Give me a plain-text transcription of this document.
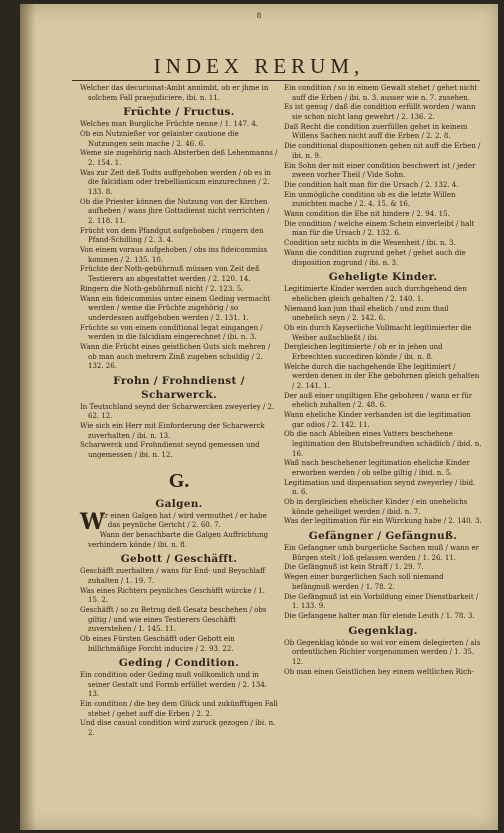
8
INDEX RERUM,
Welcher das decurionat-Ambt annimbt, ob er jhme in solchem Fall praejudiciere, ibi. n. 11.
Früchte / Fructus.
Welches man Burgliche Früchte nenne / 1. 147. 4.
Ob ein Nutznießer vor gelaister cautione die Nutzungen sein mache / 2. 46. 6.
Weme sie zugehörig nach Absterben deß Lehenmanns / 2. 154. 1.
Was zur Zeit deß Todts auffgehoben werden / ob es in die falcidiam oder trebellianicam einzurechnen / 2. 133. 8.
Ob die Priester können die Nutzung von der Kirchen aufheben / wans jhre Gottsdienst nicht verrichten / 2. 118. 11.
Frücht von dem Pfandgut aufgehoben / ringern den Pfand-Schilling / 2. 3. 4.
Von einem voraus aufgehoben / obs ins fideicommiss kommen / 2. 135. 10.
Früchte der Noth-gebührnuß müssen von Zeit deß Testierers an abgestattet werden / 2. 120. 14.
Ringern die Noth-gebührnuß nicht / 2. 123. 5.
Wann ein fideicommiss unter einem Geding vermacht werden / weme die Früchte zugehörig / so underdessen auffgehoben werden / 2. 131. 1.
Früchte so von einem conditional legat eingangen / werden in die falcidiam eingerechnet / ibi. n. 3.
Wann die Frücht eines geistlichen Guts sich mehren / ob man auch mehrern Zinß zugeben schuldig / 2. 132. 26.
Frohn / Frohndienst / Scharwerck.
In Teutschland seynd der Scharwercken zweyerley / 2. 62. 12.
Wie sich ein Herr mit Einforderung der Scharwerck zuverhalten / ibi. n. 13.
Scharwerck und Frohndienst seynd gemessen und ungemessen / ibi. n. 12.
G.
Galgen.
W
Er einen Galgen hat / wird vermuthet / er habe das peynliche Gericht / 2. 60. 7.
Wann der benachbarte die Galgen Auffrichtung verhindern könde / ibi. n. 8.
Gebott / Geschäfft.
Geschäfft zuerhalten / wans für End- und Beyschlaff zuhalten / 1. 19. 7.
Was eines Richters peynliches Geschäfft würcke / 1. 15. 2.
Geschäfft / so zu Betrug deß Gesatz beschehen / obs giltig / und wie eines Testierers Geschäfft zuverstehen / 1. 145. 11.
Ob eines Fürsten Geschäfft oder Gebott ein billichmäßige Forcht inducire / 2. 93. 22.
Geding / Condition.
Ein condition oder Geding muß vollkomlich und in seiner Gestalt und Formb erfüllet werden / 2. 134. 13.
Ein condition / die bey dem Glück und zukünfftigen Fall stehet / gehet auff die Erben / 2. 2.
Und dise casual condition wird zuruck gezogen / ibi. n. 2.
Ein condition / so in einem Gewalt stehet / gehet nicht auff die Erben / ibi. n. 3. ausser wie n. 7. zusehen.
Es ist genug / daß die condition erfüllt worden / wann sie schon nicht lang gewehrt / 2. 136. 2.
Daß Recht die condition zuerfüllen gehet in keinem Willens Sachen nicht auff die Erben / 2. 2. 8.
Die conditional dispositionen gehen nit auff die Erben / ibi. n. 9.
Ein Sohn der mit einer condition beschwert ist / jeder zween vorher Theil / Vide Sohn.
Die condition halt man für die Ursach / 2. 132. 4.
Ein unmögliche condition ob es die letzte Willen zunichten mache / 2. 4. 15. & 16.
Wann condition die Ehe nit hindere / 2. 94. 15.
Die condition / welche einem Schein einverleibt / halt man für die Ursach / 2. 132. 6.
Condition setz nichts in die Wesenheit / ibi. n. 3.
Wann die condition zugrund gehet / gehet auch die disposition zugrund / ibi. n. 3.
Geheligte Kinder.
Legitimierte Kinder werden auch durchgehend den ehelichen gleich gehalten / 2. 140. 1.
Niemand kan jum thail ehelich / und zum thail unehelich seyn / 2. 142. 6.
Ob ein durch Kayserliche Vollmacht legitimierter die Weiber außschließt / ibi.
Dergleichen legitimierte / ob er in jehen und Erbrechten succediren könde / ibi. n. 8.
Welche durch die nachgehende Ehe legitimiert / werden denen in der Ehe gebohrnen gleich gehalten / 2. 141. 1.
Der auß einer ungiltigen Ehe gebohren / wann er für ehelich zuhalten / 2. 48. 6.
Wann eheliche Kinder verhanden ist die legitimation gar odios / 2. 142. 11.
Ob die nach Ableiben eines Vatters beschehene legitimation den Blutsbefreundten schädlich / ibid. n. 16.
Waß nach beschehener legitimation eheliche Kinder erworben werden / ob selbe giltig / ibid. n. 5.
Legitimation und dispensation seynd zweyerley / ibid. n. 6.
Ob in dergleichen ehelicher Kinder / ein unehelichs könde geheiliget werden / ibid. n. 7.
Was der legitimation für ein Würckung habe / 2. 140. 3.
Gefängner / Gefängnuß.
Ein Gefangner umb burgerliche Sachen muß / wann er Bürgen stelt / loß gelassen werden / 1. 26. 11.
Die Gefängnuß ist kein Straff / 1. 29. 7.
Wegen einer burgerlichen Sach soll niemand befängnuß werden / 1. 78. 2.
Die Gefängnuß ist ein Vorbildung einer Dienstbarkeit / 1. 133. 9.
Die Gefangene halter man für elende Leuth / 1. 78. 3.
Gegenklag.
Ob Gegenklag könde so wol vor einem delegierten / als ordentlichen Richter vorgenommen werden / 1. 35. 12.
Ob man einen Geistlichen bey einem weltlichen Rich-
